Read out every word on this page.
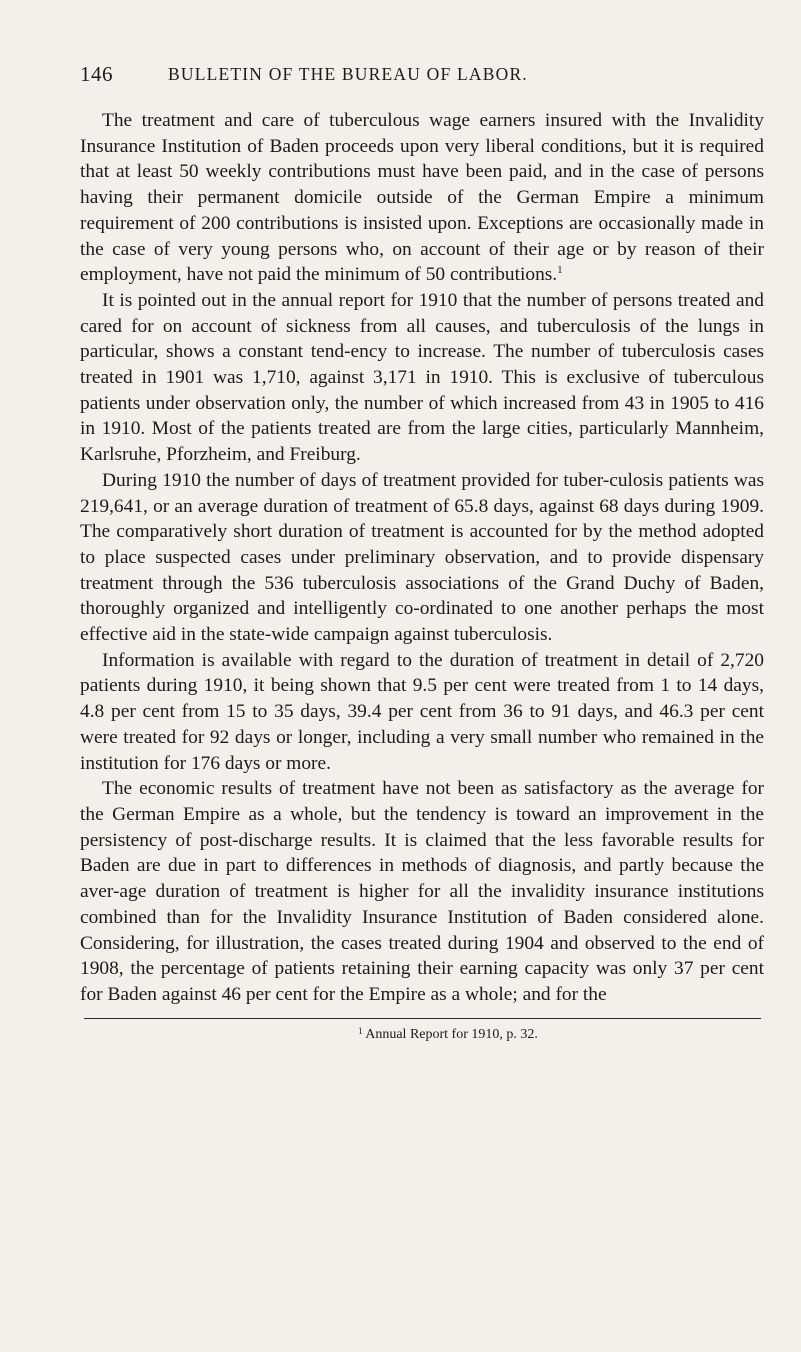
146	BULLETIN OF THE BUREAU OF LABOR.

The treatment and care of tuberculous wage earners insured with the Invalidity Insurance Institution of Baden proceeds upon very liberal conditions, but it is required that at least 50 weekly contributions must have been paid, and in the case of persons having their permanent domicile outside of the German Empire a minimum requirement of 200 contributions is insisted upon. Exceptions are occasionally made in the case of very young persons who, on account of their age or by reason of their employment, have not paid the minimum of 50 contributions.$^1$

It is pointed out in the annual report for 1910 that the number of persons treated and cared for on account of sickness from all causes, and tuberculosis of the lungs in particular, shows a constant tend-ency to increase. The number of tuberculosis cases treated in 1901 was 1,710, against 3,171 in 1910. This is exclusive of tuberculous patients under observation only, the number of which increased from 43 in 1905 to 416 in 1910. Most of the patients treated are from the large cities, particularly Mannheim, Karlsruhe, Pforzheim, and Freiburg.

During 1910 the number of days of treatment provided for tuber-culosis patients was 219,641, or an average duration of treatment of 65.8 days, against 68 days during 1909. The comparatively short duration of treatment is accounted for by the method adopted to place suspected cases under preliminary observation, and to provide dispensary treatment through the 536 tuberculosis associations of the Grand Duchy of Baden, thoroughly organized and intelligently co-ordinated to one another perhaps the most effective aid in the state-wide campaign against tuberculosis.

Information is available with regard to the duration of treatment in detail of 2,720 patients during 1910, it being shown that 9.5 per cent were treated from 1 to 14 days, 4.8 per cent from 15 to 35 days, 39.4 per cent from 36 to 91 days, and 46.3 per cent were treated for 92 days or longer, including a very small number who remained in the institution for 176 days or more.

The economic results of treatment have not been as satisfactory as the average for the German Empire as a whole, but the tendency is toward an improvement in the persistency of post-discharge results. It is claimed that the less favorable results for Baden are due in part to differences in methods of diagnosis, and partly because the aver-age duration of treatment is higher for all the invalidity insurance institutions combined than for the Invalidity Insurance Institution of Baden considered alone. Considering, for illustration, the cases treated during 1904 and observed to the end of 1908, the percentage of patients retaining their earning capacity was only 37 per cent for Baden against 46 per cent for the Empire as a whole; and for the

$^1$ Annual Report for 1910, p. 32.
